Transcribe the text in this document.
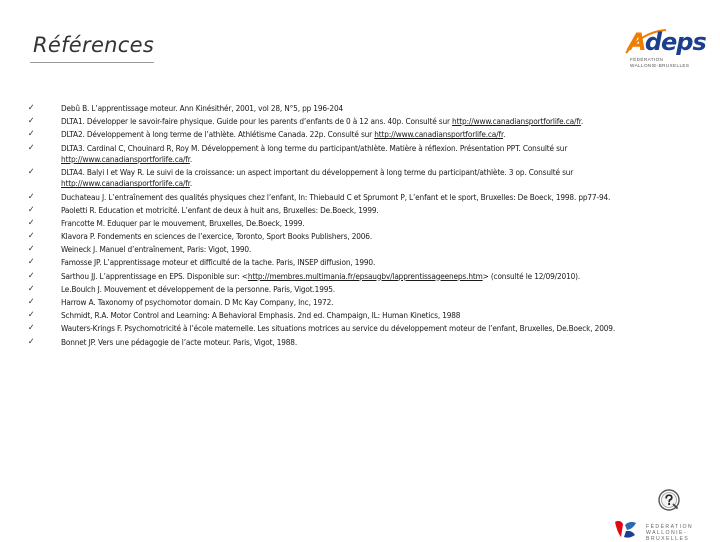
Références	Adeps
FÉDÉRATION
WALLONIE-BRUXELLES
✓	Debû B. L’apprentissage moteur. Ann Kinésithér, 2001, vol 28, N°5, pp 196-204
✓	DLTA1. Développer le savoir-faire physique. Guide pour les parents d’enfants de 0 à 12 ans. 40p. Consulté sur http://www.canadiansportforlife.ca/fr.
✓	DLTA2. Développement à long terme de l’athlète. Athlétisme Canada. 22p. Consulté sur http://www.canadiansportforlife.ca/fr.
✓	DLTA3. Cardinal C, Chouinard R, Roy M. Développement à long terme du participant/athlète. Matière à réflexion. Présentation PPT. Consulté sur http://www.canadiansportforlife.ca/fr.
✓	DLTA4. Balyi I et Way R. Le suivi de la croissance: un aspect important du développement à long terme du participant/athlète. 3 op. Consulté sur http://www.canadiansportforlife.ca/fr.
✓	Duchateau J. L’entraînement des qualités physiques chez l’enfant, In: Thiebauld C et Sprumont P, L’enfant et le sport, Bruxelles: De Boeck, 1998. pp77-94.
✓	Paoletti R. Education et motricité. L’enfant de deux à huit ans, Bruxelles: De.Boeck, 1999.
✓	Francotte M. Eduquer par le mouvement, Bruxelles, De.Boeck, 1999.
✓	Klavora P. Fondements en sciences de l’exercice, Toronto, Sport Books Publishers, 2006.
✓	Weineck J. Manuel d’entraînement, Paris: Vigot, 1990.
✓	Famosse JP. L’apprentissage moteur et difficulté de la tache. Paris, INSEP diffusion, 1990.
✓	Sarthou JJ. L’apprentissage en EPS. Disponible sur: <http://membres.multimania.fr/epsaugbv/lapprentissageeneps.htm> (consulté le 12/09/2010).
✓	Le.Boulch J. Mouvement et développement de la personne. Paris, Vigot.1995.
✓	Harrow A. Taxonomy of psychomotor domain. D Mc Kay Company, Inc, 1972.
✓	Schmidt, R.A. Motor Control and Learning: A Behavioral Emphasis. 2nd ed. Champaign, IL: Human Kinetics, 1988
✓	Wauters-Krings F. Psychomotricité à l’école maternelle. Les situations motrices au service du développement moteur de l’enfant, Bruxelles, De.Boeck, 2009.
✓	Bonnet JP. Vers une pédagogie de l’acte moteur. Paris, Vigot, 1988.
FÉDÉRATION
WALLONIE-BRUXELLES
